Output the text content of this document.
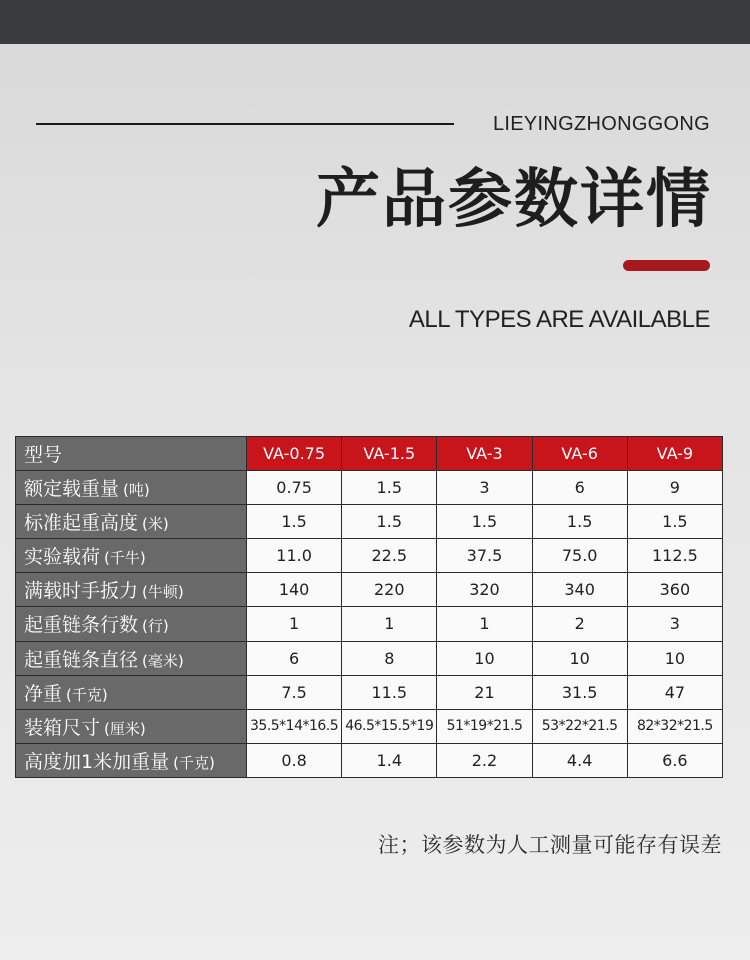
LIEYINGZHONGGONG
产品参数详情
ALL TYPES ARE AVAILABLE
型号	VA-0.75	VA-1.5	VA-3	VA-6	VA-9
额定载重量 (吨)	0.75	1.5	3	6	9
标准起重高度 (米)	1.5	1.5	1.5	1.5	1.5
实验载荷 (千牛)	11.0	22.5	37.5	75.0	112.5
满载时手扳力 (牛顿)	140	220	320	340	360
起重链条行数 (行)	1	1	1	2	3
起重链条直径 (毫米)	6	8	10	10	10
净重 (千克)	7.5	11.5	21	31.5	47
装箱尺寸 (厘米)	35.5*14*16.5	46.5*15.5*19	51*19*21.5	53*22*21.5	82*32*21.5
高度加1米加重量 (千克)	0.8	1.4	2.2	4.4	6.6
注；该参数为人工测量可能存有误差
